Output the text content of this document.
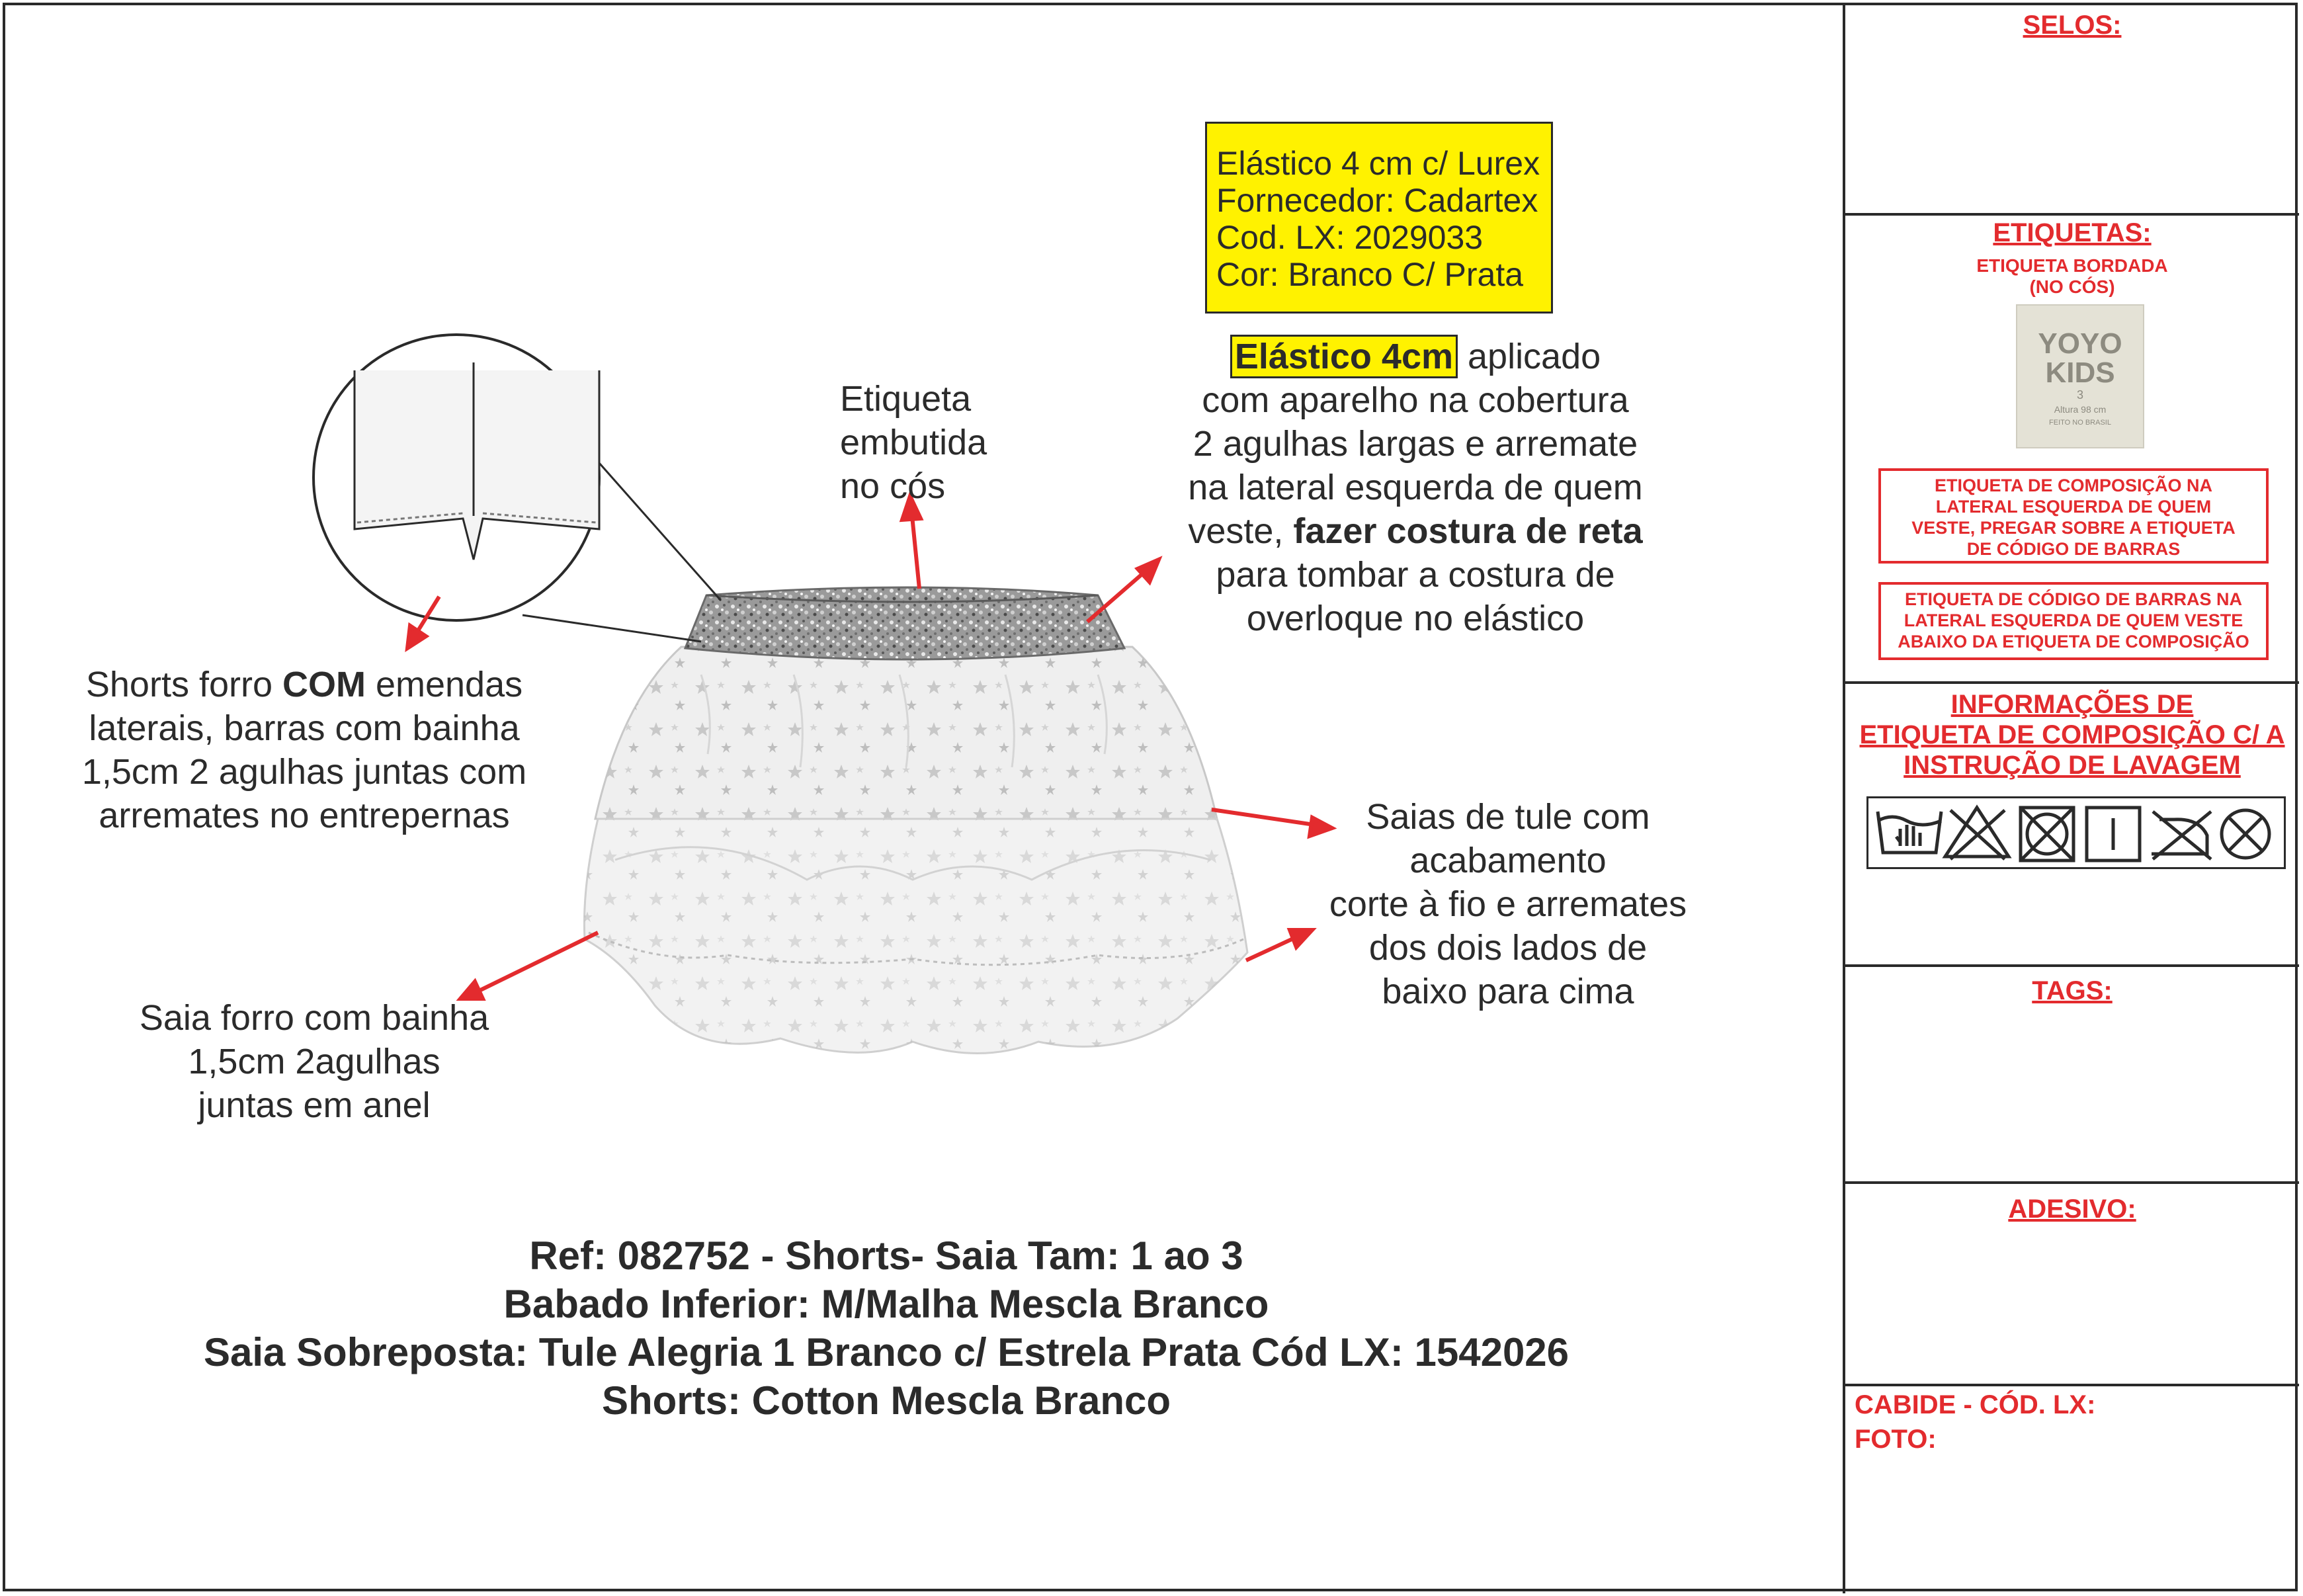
SELOS:
ETIQUETAS:
ETIQUETA BORDADA
(NO CÓS)
YOYO
KIDS
3
Altura 98 cm
FEITO NO BRASIL
ETIQUETA DE COMPOSIÇÃO NA
LATERAL ESQUERDA DE QUEM
VESTE, PREGAR SOBRE A ETIQUETA
DE CÓDIGO DE BARRAS
ETIQUETA DE CÓDIGO DE BARRAS NA
LATERAL ESQUERDA DE QUEM VESTE
ABAIXO DA ETIQUETA DE COMPOSIÇÃO
INFORMAÇÕES DE
ETIQUETA DE COMPOSIÇÃO C/ A
INSTRUÇÃO DE LAVAGEM
TAGS:
ADESIVO:
CABIDE - CÓD. LX:
FOTO:
Elástico 4 cm c/ Lurex
Fornecedor: Cadartex
Cod. LX: 2029033
Cor: Branco C/ Prata
Elástico 4cm aplicado
com aparelho na cobertura
2 agulhas largas e arremate
na lateral esquerda de quem
veste, fazer costura de reta
para tombar a costura de
overloque no elástico
Etiqueta
embutida
no cós
Shorts forro COM emendas
laterais, barras com bainha
1,5cm 2 agulhas juntas com
arremates no entrepernas	Saias de tule com
acabamento
corte à fio e arremates
dos dois lados de
baixo para cima
Saia forro com bainha
1,5cm 2agulhas
juntas em anel
Ref: 082752 - Shorts- Saia Tam: 1 ao 3
Babado Inferior: M/Malha Mescla Branco
Saia Sobreposta: Tule Alegria 1 Branco c/ Estrela Prata Cód LX: 1542026
Shorts: Cotton Mescla Branco
